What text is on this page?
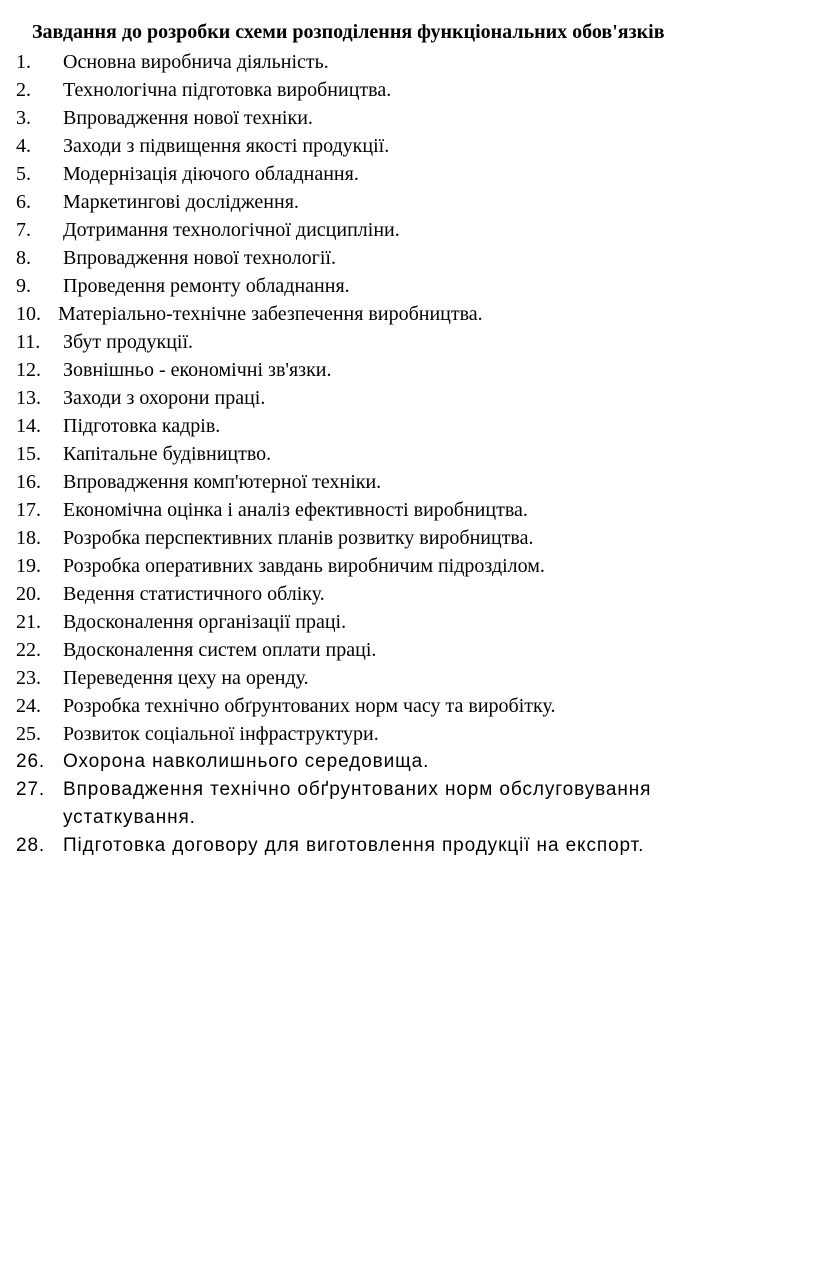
Завдання до розробки схеми розподілення функціональних обов'язків
1. Основна виробнича діяльність.
2. Технологічна підготовка виробництва.
3. Впровадження нової техніки.
4. Заходи з підвищення якості продукції.
5. Модернізація діючого обладнання.
6. Маркетингові дослідження.
7. Дотримання технологічної дисципліни.
8. Впровадження нової технології.
9. Проведення ремонту обладнання.
10. Матеріально-технічне забезпечення виробництва.
11. Збут продукції.
12. Зовнішньо - економічні зв'язки.
13. Заходи з охорони праці.
14. Підготовка кадрів.
15. Капітальне будівництво.
16. Впровадження комп'ютерної техніки.
17. Економічна оцінка і аналіз ефективності виробництва.
18. Розробка перспективних планів розвитку виробництва.
19. Розробка оперативних завдань виробничим підрозділом.
20. Ведення статистичного обліку.
21. Вдосконалення організації праці.
22. Вдосконалення систем оплати праці.
23. Переведення цеху на оренду.
24. Розробка технічно обґрунтованих норм часу та виробітку.
25. Розвиток соціальної інфраструктури.
26. Охорона навколишнього середовища.
27. Впровадження технічно обґрунтованих норм обслуговування устаткування.
28. Підготовка договору для виготовлення продукції на експорт.
